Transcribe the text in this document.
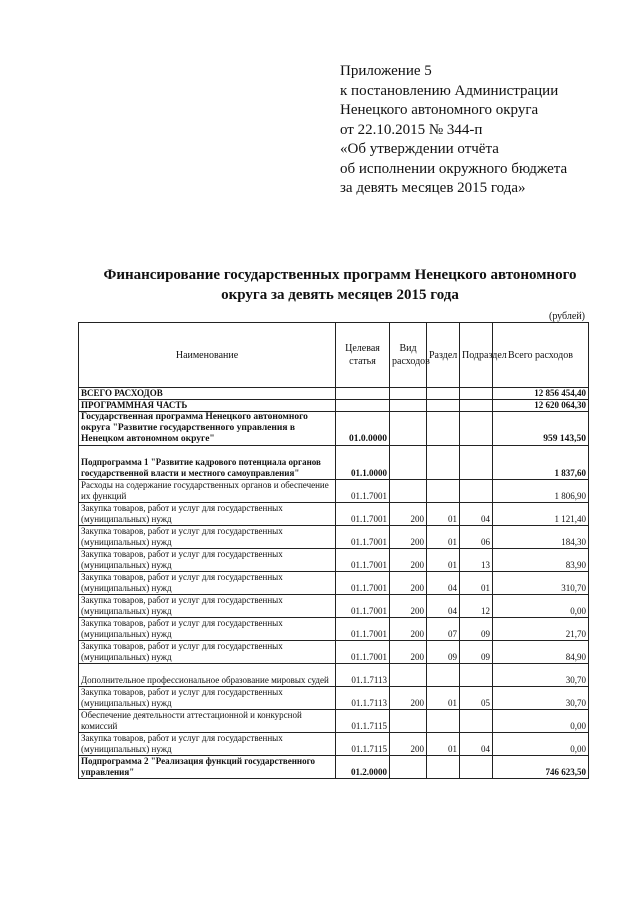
Приложение 5
к постановлению Администрации
Ненецкого автономного округа
от 22.10.2015 № 344-п
«Об утверждении отчёта
об исполнении окружного бюджета
за девять месяцев 2015 года»
Финансирование государственных программ Ненецкого автономного
округа за девять месяцев 2015 года
(рублей)
Наименование	Целевая статья	Вид расходов	Раздел	Подраздел	Всего расходов
ВСЕГО РАСХОДОВ					12 856 454,40
ПРОГРАММНАЯ ЧАСТЬ					12 620 064,30
Государственная программа Ненецкого автономного округа "Развитие государственного управления в Ненецком автономном округе"	01.0.0000				959 143,50
Подпрограмма 1 "Развитие кадрового потенциала органов государственной власти и местного самоуправления"	01.1.0000				1 837,60
Расходы на содержание государственных органов и обеспечение их функций	01.1.7001				1 806,90
Закупка товаров, работ и услуг для государственных (муниципальных) нужд	01.1.7001	200	01	04	1 121,40
Закупка товаров, работ и услуг для государственных (муниципальных) нужд	01.1.7001	200	01	06	184,30
Закупка товаров, работ и услуг для государственных (муниципальных) нужд	01.1.7001	200	01	13	83,90
Закупка товаров, работ и услуг для государственных (муниципальных) нужд	01.1.7001	200	04	01	310,70
Закупка товаров, работ и услуг для государственных (муниципальных) нужд	01.1.7001	200	04	12	0,00
Закупка товаров, работ и услуг для государственных (муниципальных) нужд	01.1.7001	200	07	09	21,70
Закупка товаров, работ и услуг для государственных (муниципальных) нужд	01.1.7001	200	09	09	84,90
Дополнительное профессиональное образование мировых судей	01.1.7113				30,70
Закупка товаров, работ и услуг для государственных (муниципальных) нужд	01.1.7113	200	01	05	30,70
Обеспечение деятельности аттестационной и конкурсной комиссий	01.1.7115				0,00
Закупка товаров, работ и услуг для государственных (муниципальных) нужд	01.1.7115	200	01	04	0,00
Подпрограмма 2 "Реализация функций государственного управления"	01.2.0000				746 623,50
